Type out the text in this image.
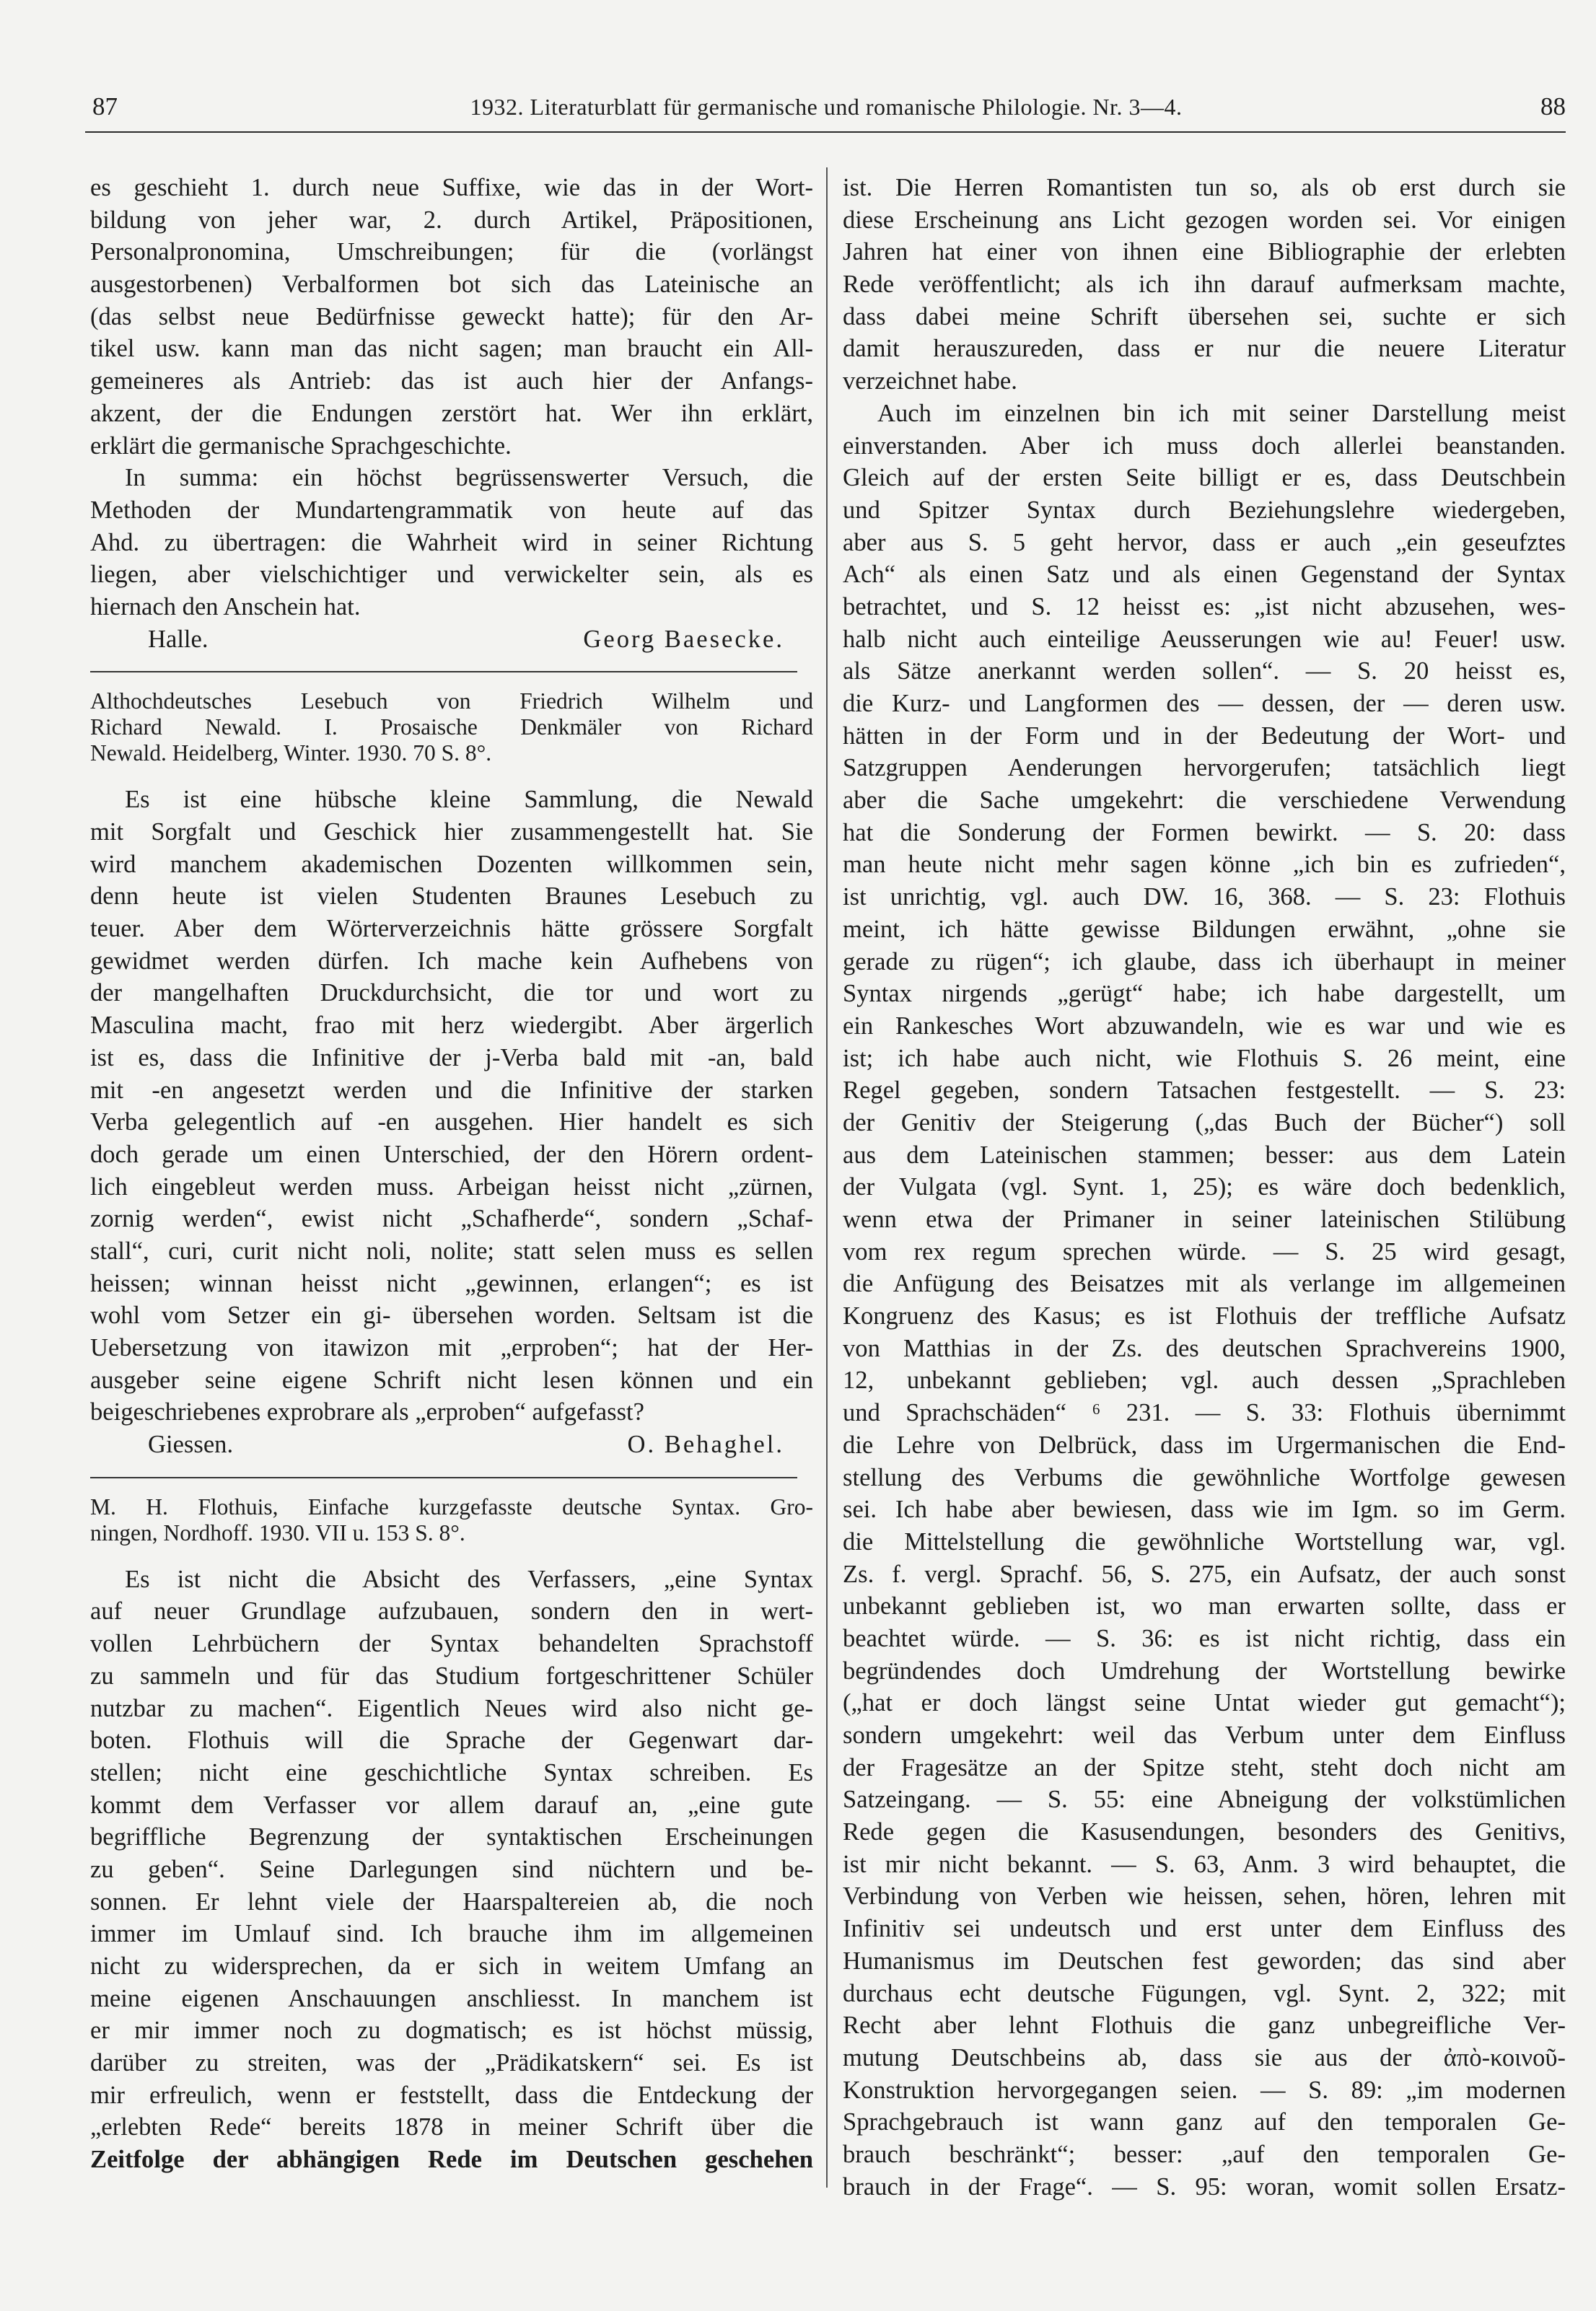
87	1932. Literaturblatt für germanische und romanische Philologie. Nr. 3—4.	88
es geschieht 1. durch neue Suffixe, wie das in der Wort-
bildung von jeher war, 2. durch Artikel, Präpositionen,
Personalpronomina, Umschreibungen; für die (vorlängst
ausgestorbenen) Verbalformen bot sich das Lateinische an
(das selbst neue Bedürfnisse geweckt hatte); für den Ar-
tikel usw. kann man das nicht sagen; man braucht ein All-
gemeineres als Antrieb: das ist auch hier der Anfangs-
akzent, der die Endungen zerstört hat. Wer ihn erklärt,
erklärt die germanische Sprachgeschichte.
In summa: ein höchst begrüssenswerter Versuch, die
Methoden der Mundartengrammatik von heute auf das
Ahd. zu übertragen: die Wahrheit wird in seiner Richtung
liegen, aber vielschichtiger und verwickelter sein, als es
hiernach den Anschein hat.
Halle.	Georg Baesecke.
Althochdeutsches Lesebuch von Friedrich Wilhelm und
Richard Newald. I. Prosaische Denkmäler von Richard
Newald. Heidelberg, Winter. 1930. 70 S. 8°.
Es ist eine hübsche kleine Sammlung, die Newald
mit Sorgfalt und Geschick hier zusammengestellt hat. Sie
wird manchem akademischen Dozenten willkommen sein,
denn heute ist vielen Studenten Braunes Lesebuch zu
teuer. Aber dem Wörterverzeichnis hätte grössere Sorgfalt
gewidmet werden dürfen. Ich mache kein Aufhebens von
der mangelhaften Druckdurchsicht, die tor und wort zu
Masculina macht, frao mit herz wiedergibt. Aber ärgerlich
ist es, dass die Infinitive der j-Verba bald mit -an, bald
mit -en angesetzt werden und die Infinitive der starken
Verba gelegentlich auf -en ausgehen. Hier handelt es sich
doch gerade um einen Unterschied, der den Hörern ordent-
lich eingebleut werden muss. Arbeigan heisst nicht „zürnen,
zornig werden“, ewist nicht „Schafherde“, sondern „Schaf-
stall“, curi, curit nicht noli, nolite; statt selen muss es sellen
heissen; winnan heisst nicht „gewinnen, erlangen“; es ist
wohl vom Setzer ein gi- übersehen worden. Seltsam ist die
Uebersetzung von itawizon mit „erproben“; hat der Her-
ausgeber seine eigene Schrift nicht lesen können und ein
beigeschriebenes exprobrare als „erproben“ aufgefasst?
Giessen.	O. Behaghel.
M. H. Flothuis, Einfache kurzgefasste deutsche Syntax. Gro-
ningen, Nordhoff. 1930. VII u. 153 S. 8°.
Es ist nicht die Absicht des Verfassers, „eine Syntax
auf neuer Grundlage aufzubauen, sondern den in wert-
vollen Lehrbüchern der Syntax behandelten Sprachstoff
zu sammeln und für das Studium fortgeschrittener Schüler
nutzbar zu machen“. Eigentlich Neues wird also nicht ge-
boten. Flothuis will die Sprache der Gegenwart dar-
stellen; nicht eine geschichtliche Syntax schreiben. Es
kommt dem Verfasser vor allem darauf an, „eine gute
begriffliche Begrenzung der syntaktischen Erscheinungen
zu geben“. Seine Darlegungen sind nüchtern und be-
sonnen. Er lehnt viele der Haarspaltereien ab, die noch
immer im Umlauf sind. Ich brauche ihm im allgemeinen
nicht zu widersprechen, da er sich in weitem Umfang an
meine eigenen Anschauungen anschliesst. In manchem ist
er mir immer noch zu dogmatisch; es ist höchst müssig,
darüber zu streiten, was der „Prädikatskern“ sei. Es ist
mir erfreulich, wenn er feststellt, dass die Entdeckung der
„erlebten Rede“ bereits 1878 in meiner Schrift über die
Zeitfolge der abhängigen Rede im Deutschen geschehen
ist. Die Herren Romantisten tun so, als ob erst durch sie
diese Erscheinung ans Licht gezogen worden sei. Vor einigen
Jahren hat einer von ihnen eine Bibliographie der erlebten
Rede veröffentlicht; als ich ihn darauf aufmerksam machte,
dass dabei meine Schrift übersehen sei, suchte er sich
damit herauszureden, dass er nur die neuere Literatur
verzeichnet habe.
Auch im einzelnen bin ich mit seiner Darstellung meist
einverstanden. Aber ich muss doch allerlei beanstanden.
Gleich auf der ersten Seite billigt er es, dass Deutschbein
und Spitzer Syntax durch Beziehungslehre wiedergeben,
aber aus S. 5 geht hervor, dass er auch „ein geseufztes
Ach“ als einen Satz und als einen Gegenstand der Syntax
betrachtet, und S. 12 heisst es: „ist nicht abzusehen, wes-
halb nicht auch einteilige Aeusserungen wie au! Feuer! usw.
als Sätze anerkannt werden sollen“. — S. 20 heisst es,
die Kurz- und Langformen des — dessen, der — deren usw.
hätten in der Form und in der Bedeutung der Wort- und
Satzgruppen Aenderungen hervorgerufen; tatsächlich liegt
aber die Sache umgekehrt: die verschiedene Verwendung
hat die Sonderung der Formen bewirkt. — S. 20: dass
man heute nicht mehr sagen könne „ich bin es zufrieden“,
ist unrichtig, vgl. auch DW. 16, 368. — S. 23: Flothuis
meint, ich hätte gewisse Bildungen erwähnt, „ohne sie
gerade zu rügen“; ich glaube, dass ich überhaupt in meiner
Syntax nirgends „gerügt“ habe; ich habe dargestellt, um
ein Rankesches Wort abzuwandeln, wie es war und wie es
ist; ich habe auch nicht, wie Flothuis S. 26 meint, eine
Regel gegeben, sondern Tatsachen festgestellt. — S. 23:
der Genitiv der Steigerung („das Buch der Bücher“) soll
aus dem Lateinischen stammen; besser: aus dem Latein
der Vulgata (vgl. Synt. 1, 25); es wäre doch bedenklich,
wenn etwa der Primaner in seiner lateinischen Stilübung
vom rex regum sprechen würde. — S. 25 wird gesagt,
die Anfügung des Beisatzes mit als verlange im allgemeinen
Kongruenz des Kasus; es ist Flothuis der treffliche Aufsatz
von Matthias in der Zs. des deutschen Sprachvereins 1900,
12, unbekannt geblieben; vgl. auch dessen „Sprachleben
und Sprachschäden“ ⁶ 231. — S. 33: Flothuis übernimmt
die Lehre von Delbrück, dass im Urgermanischen die End-
stellung des Verbums die gewöhnliche Wortfolge gewesen
sei. Ich habe aber bewiesen, dass wie im Igm. so im Germ.
die Mittelstellung die gewöhnliche Wortstellung war, vgl.
Zs. f. vergl. Sprachf. 56, S. 275, ein Aufsatz, der auch sonst
unbekannt geblieben ist, wo man erwarten sollte, dass er
beachtet würde. — S. 36: es ist nicht richtig, dass ein
begründendes doch Umdrehung der Wortstellung bewirke
(„hat er doch längst seine Untat wieder gut gemacht“);
sondern umgekehrt: weil das Verbum unter dem Einfluss
der Fragesätze an der Spitze steht, steht doch nicht am
Satzeingang. — S. 55: eine Abneigung der volkstümlichen
Rede gegen die Kasusendungen, besonders des Genitivs,
ist mir nicht bekannt. — S. 63, Anm. 3 wird behauptet, die
Verbindung von Verben wie heissen, sehen, hören, lehren mit
Infinitiv sei undeutsch und erst unter dem Einfluss des
Humanismus im Deutschen fest geworden; das sind aber
durchaus echt deutsche Fügungen, vgl. Synt. 2, 322; mit
Recht aber lehnt Flothuis die ganz unbegreifliche Ver-
mutung Deutschbeins ab, dass sie aus der ἀπὸ-κοινοῦ-
Konstruktion hervorgegangen seien. — S. 89: „im modernen
Sprachgebrauch ist wann ganz auf den temporalen Ge-
brauch beschränkt“; besser: „auf den temporalen Ge-
brauch in der Frage“. — S. 95: woran, womit sollen Ersatz-
